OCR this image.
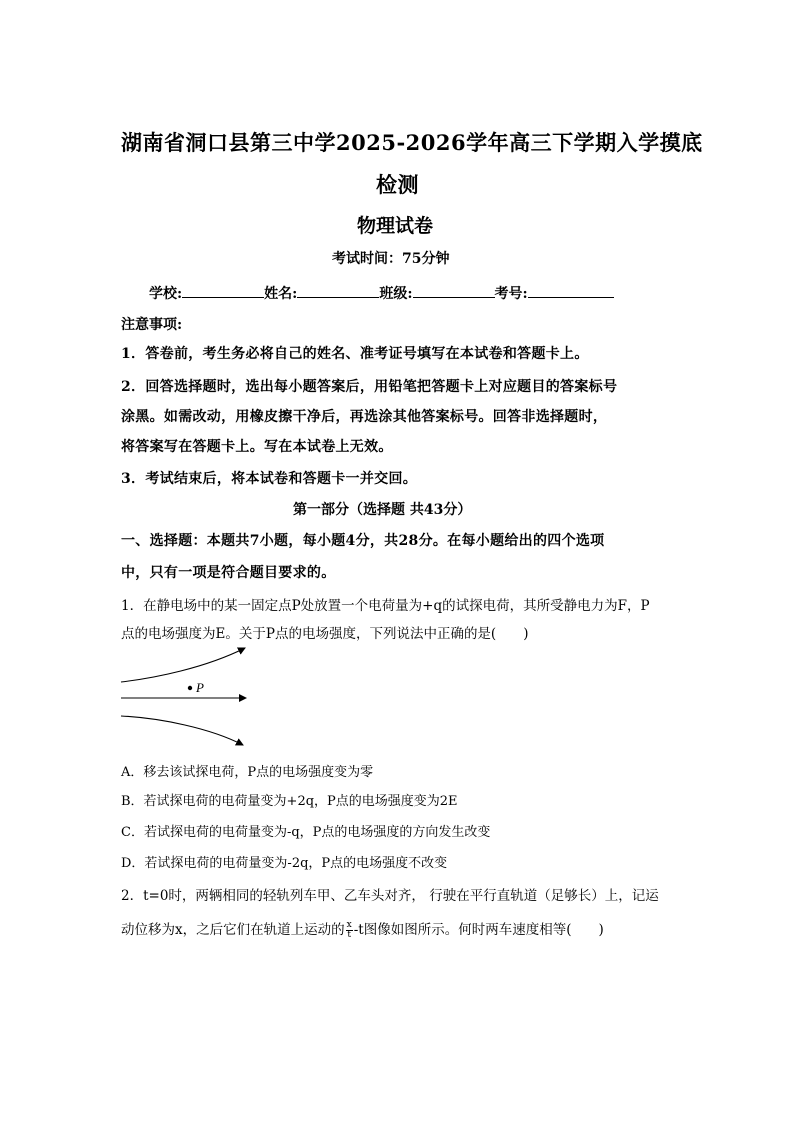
湖南省洞口县第三中学2025-2026学年高三下学期入学摸底
检测
物理试卷
考试时间：75分钟
学校:	姓名:	班级:	考号:
注意事项:
1．答卷前，考生务必将自己的姓名、准考证号填写在本试卷和答题卡上。
2．回答选择题时，选出每小题答案后，用铅笔把答题卡上对应题目的答案标号
涂黑。如需改动，用橡皮擦干净后，再选涂其他答案标号。回答非选择题时，
将答案写在答题卡上。写在本试卷上无效。
3．考试结束后，将本试卷和答题卡一并交回。
第一部分（选择题 共43分）
一、选择题：本题共7小题，每小题4分，共28分。在每小题给出的四个选项
中，只有一项是符合题目要求的。
1．在静电场中的某一固定点P处放置一个电荷量为+q的试探电荷，其所受静电力为F，P
点的电场强度为E。关于P点的电场强度，下列说法中正确的是(　　)
P
A．移去该试探电荷，P点的电场强度变为零
B．若试探电荷的电荷量变为+2q，P点的电场强度变为2E
C．若试探电荷的电荷量变为-q，P点的电场强度的方向发生改变
D．若试探电荷的电荷量变为-2q，P点的电场强度不改变
2．t=0时，两辆相同的轻轨列车甲、乙车头对齐， 行驶在平行直轨道（足够长）上，记运
动位移为x，之后它们在轨道上运动的 $\frac{x}{t} -t$图像如图所示。何时两车速度相等(　　)
